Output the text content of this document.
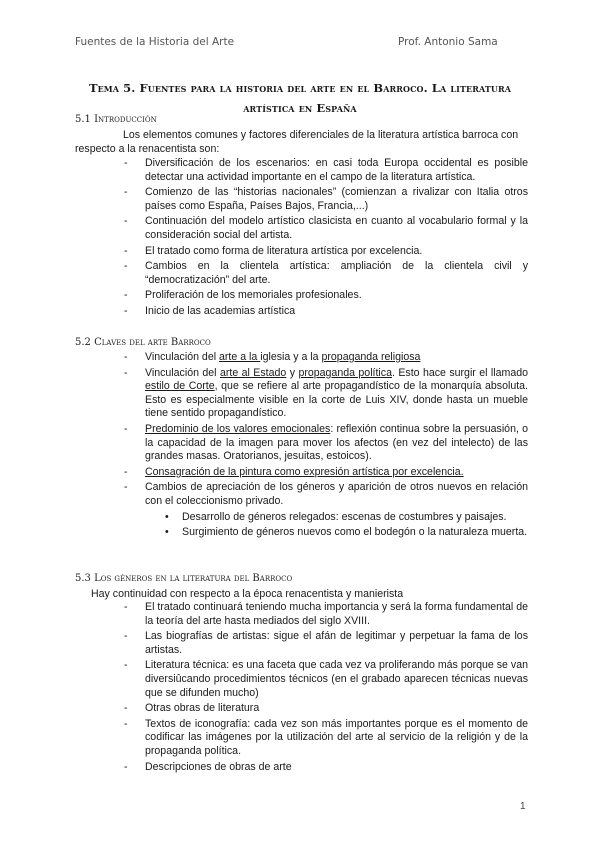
Fuentes de la Historia del Arte	Prof. Antonio Sama
Tema 5. Fuentes para la historia del arte en el Barroco. La literatura
artística en España
5.1 Introducción
Los elementos comunes y factores diferenciales de la literatura artística barroca con respecto a la renacentista son:
- Diversificación de los escenarios: en casi toda Europa occidental es posible detectar una actividad importante en el campo de la literatura artística.
- Comienzo de las “historias nacionales” (comienzan a rivalizar con Italia otros países como España, Países Bajos, Francia,...)
- Continuación del modelo artístico clasicista en cuanto al vocabulario formal y la consideración social del artista.
- El tratado como forma de literatura artística por excelencia.
- Cambios en la clientela artística: ampliación de la clientela civil y “democratización” del arte.
- Proliferación de los memoriales profesionales.
- Inicio de las academias artística
5.2 Claves del arte Barroco
- Vinculación del arte a la iglesia y a la propaganda religiosa
- Vinculación del arte al Estado y propaganda política. Esto hace surgir el llamado estilo de Corte, que se refiere al arte propagandístico de la monarquía absoluta. Esto es especialmente visible en la corte de Luis XIV, donde hasta un mueble tiene sentido propagandístico.
- Predominio de los valores emocionales: reflexión continua sobre la persuasión, o la capacidad de la imagen para mover los afectos (en vez del intelecto) de las grandes masas. Oratorianos, jesuitas, estoicos).
- Consagración de la pintura como expresión artística por excelencia.
- Cambios de apreciación de los géneros y aparición de otros nuevos en relación con el coleccionismo privado.
• Desarrollo de géneros relegados: escenas de costumbres y paisajes.
• Surgimiento de géneros nuevos como el bodegón o la naturaleza muerta.
5.3 Los géneros en la literatura del Barroco
Hay continuidad con respecto a la época renacentista y manierista
- El tratado continuará teniendo mucha importancia y será la forma fundamental de la teoría del arte hasta mediados del siglo XVIII.
- Las biografías de artistas: sigue el afán de legitimar y perpetuar la fama de los artistas.
- Literatura técnica: es una faceta que cada vez va proliferando más porque se van diversiûcando procedimientos técnicos (en el grabado aparecen técnicas nuevas que se difunden mucho)
- Otras obras de literatura
- Textos de iconografía: cada vez son más importantes porque es el momento de codificar las imágenes por la utilización del arte al servicio de la religión y de la propaganda política.
- Descripciones de obras de arte
1
